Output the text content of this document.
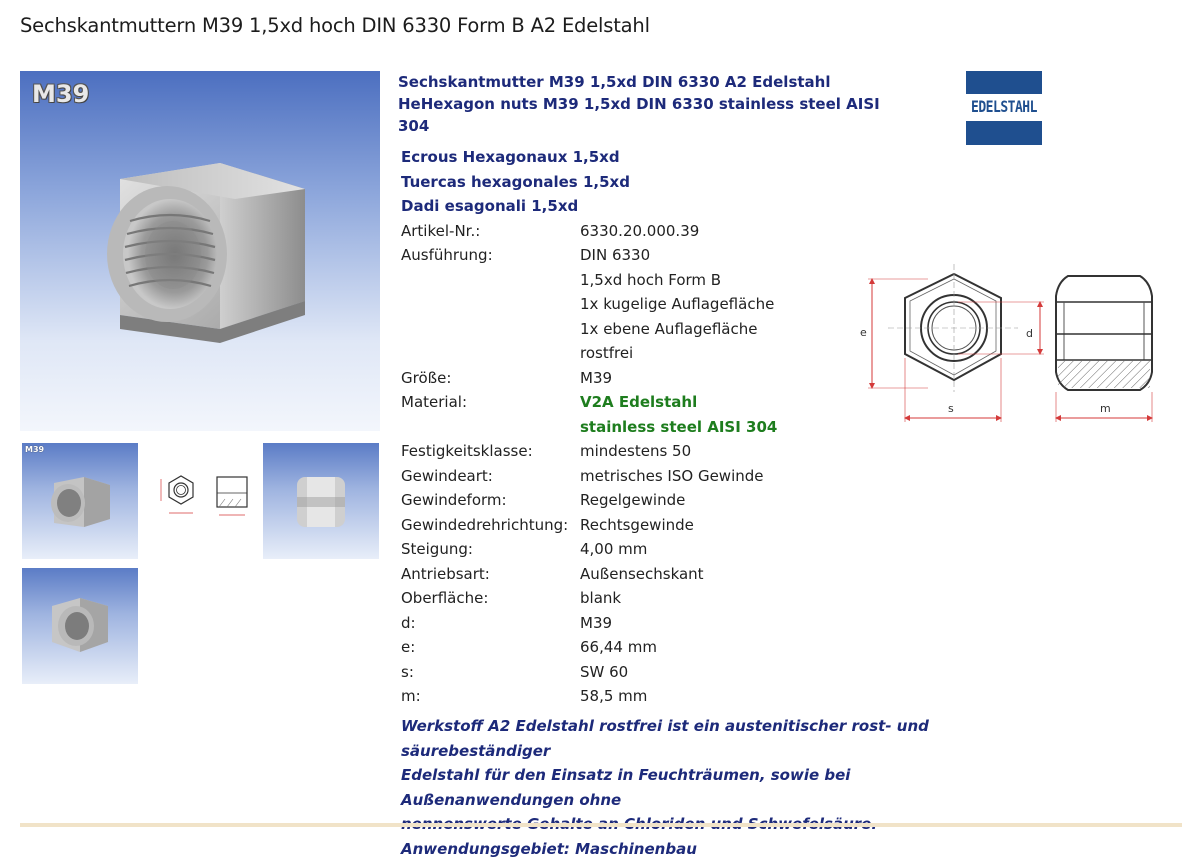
Sechskantmuttern M39 1,5xd hoch DIN 6330 Form B A2 Edelstahl
M39
M39
Sechskantmutter M39 1,5xd DIN 6330 A2 Edelstahl
HeHexagon nuts M39 1,5xd DIN 6330 stainless steel AISI
304
Ecrous Hexagonaux 1,5xd
Tuercas hexagonales 1,5xd
Dadi esagonali 1,5xd
Artikel-Nr.:	6330.20.000.39
Ausführung:	DIN 6330
1,5xd hoch Form B
1x kugelige Auflagefläche
1x ebene Auflagefläche
rostfrei
Größe:	M39
Material:	V2A Edelstahl
stainless steel AISI 304
Festigkeitsklasse:	mindestens 50
Gewindeart:	metrisches ISO Gewinde
Gewindeform:	Regelgewinde
Gewindedrehrichtung: Rechtsgewinde
Steigung:	4,00 mm
Antriebsart:	Außensechskant
Oberfläche:	blank
d:	M39
e:	66,44 mm
s:	SW 60
m:	58,5 mm
Werkstoff A2 Edelstahl rostfrei ist ein austenitischer rost- und säurebeständiger
Edelstahl für den Einsatz in Feuchträumen, sowie bei Außenanwendungen ohne
Anwendungsgebiet: Maschinenbau
EDELSTAHL
e	d
s	m
